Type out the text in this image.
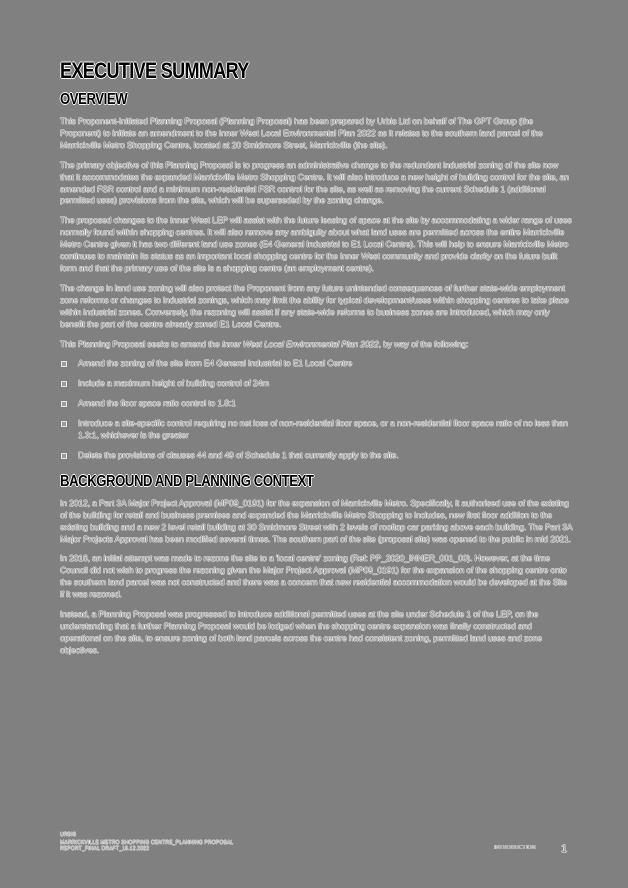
EXECUTIVE SUMMARY
OVERVIEW

This Proponent-Initiated Planning Proposal (Planning Proposal) has been prepared by Urbis Ltd on behalf of The GPT Group (the Proponent) to initiate an amendment to the Inner West Local Environmental Plan 2022 as it relates to the southern land parcel of the Marrickville Metro Shopping Centre, located at 20 Smidmore Street, Marrickville (the site).

The primary objective of this Planning Proposal is to progress an administrative change to the redundant industrial zoning of the site now that it accommodates the expanded Marrickville Metro Shopping Centre. It will also introduce a new height of building control for the site, an amended FSR control and a minimum non-residential FSR control for the site, as well as removing the current Schedule 1 (additional permitted uses) provisions from the site, which will be superseded by the zoning change.

The proposed changes to the Inner West LEP will assist with the future leasing of space at the site by accommodating a wider range of uses normally found within shopping centres. It will also remove any ambiguity about what land uses are permitted across the entire Marrickville Metro Centre given it has two different land use zones (E4 General Industrial to E1 Local Centre). This will help to ensure Marrickville Metro continues to maintain its status as an important local shopping centre for the Inner West community and provide clarity on the future built form and that the primary use of the site is a shopping centre (an employment centre).

The change in land use zoning will also protect the Proponent from any future unintended consequences of further state-wide employment zone reforms or changes to industrial zonings, which may limit the ability for typical development/uses within shopping centres to take place within industrial zones. Conversely, the rezoning will assist if any state-wide reforms to business zones are introduced, which may only benefit the part of the centre already zoned E1 Local Centre.

This Planning Proposal seeks to amend the Inner West Local Environmental Plan 2022, by way of the following:

Amend the zoning of the site from E4 General Industrial to E1 Local Centre
Include a maximum height of building control of 24m
Amend the floor space ratio control to 1.8:1
Introduce a site-specific control requiring no net loss of non-residential floor space, or a non-residential floor space ratio of no less than 1.3:1, whichever is the greater
Delete the provisions of clauses 44 and 49 of Schedule 1 that currently apply to the site.
BACKGROUND AND PLANNING CONTEXT

In 2012, a Part 3A Major Project Approval (MP09_0191) for the expansion of Marrickville Metro. Specifically, it authorised use of the existing of the building for retail and business premises and expanded the Marrickville Metro Shopping to includes, new first floor addition to the existing building and a new 2 level retail building at 30 Smidmore Street with 2 levels of rooftop car parking above each building. The Part 3A Major Projects Approval has been modified several times. The southern part of the site (proposal site) was opened to the public in mid 2021.

In 2016, an initial attempt was made to rezone the site to a 'local centre' zoning (Ref: PP_2020_INNER_001_00). However, at the time Council did not wish to progress the rezoning given the Major Project Approval (MP09_0191) for the expansion of the shopping centre onto the southern land parcel was not constructed and there was a concern that new residential accommodation would be developed at the Site if it was rezoned.

Instead, a Planning Proposal was progressed to introduce additional permitted uses at the site under Schedule 1 of the LEP, on the understanding that a further Planning Proposal would be lodged when the shopping centre expansion was finally constructed and operational on the site, to ensure zoning of both land parcels across the centre had consistent zoning, permitted land uses and zone objectives.

URBIS
MARRICKVILLE METRO SHOPPING CENTRE_PLANNING PROPOSAL
REPORT_FINAL DRAFT_15.12.2022	INTRODUCTION 1
